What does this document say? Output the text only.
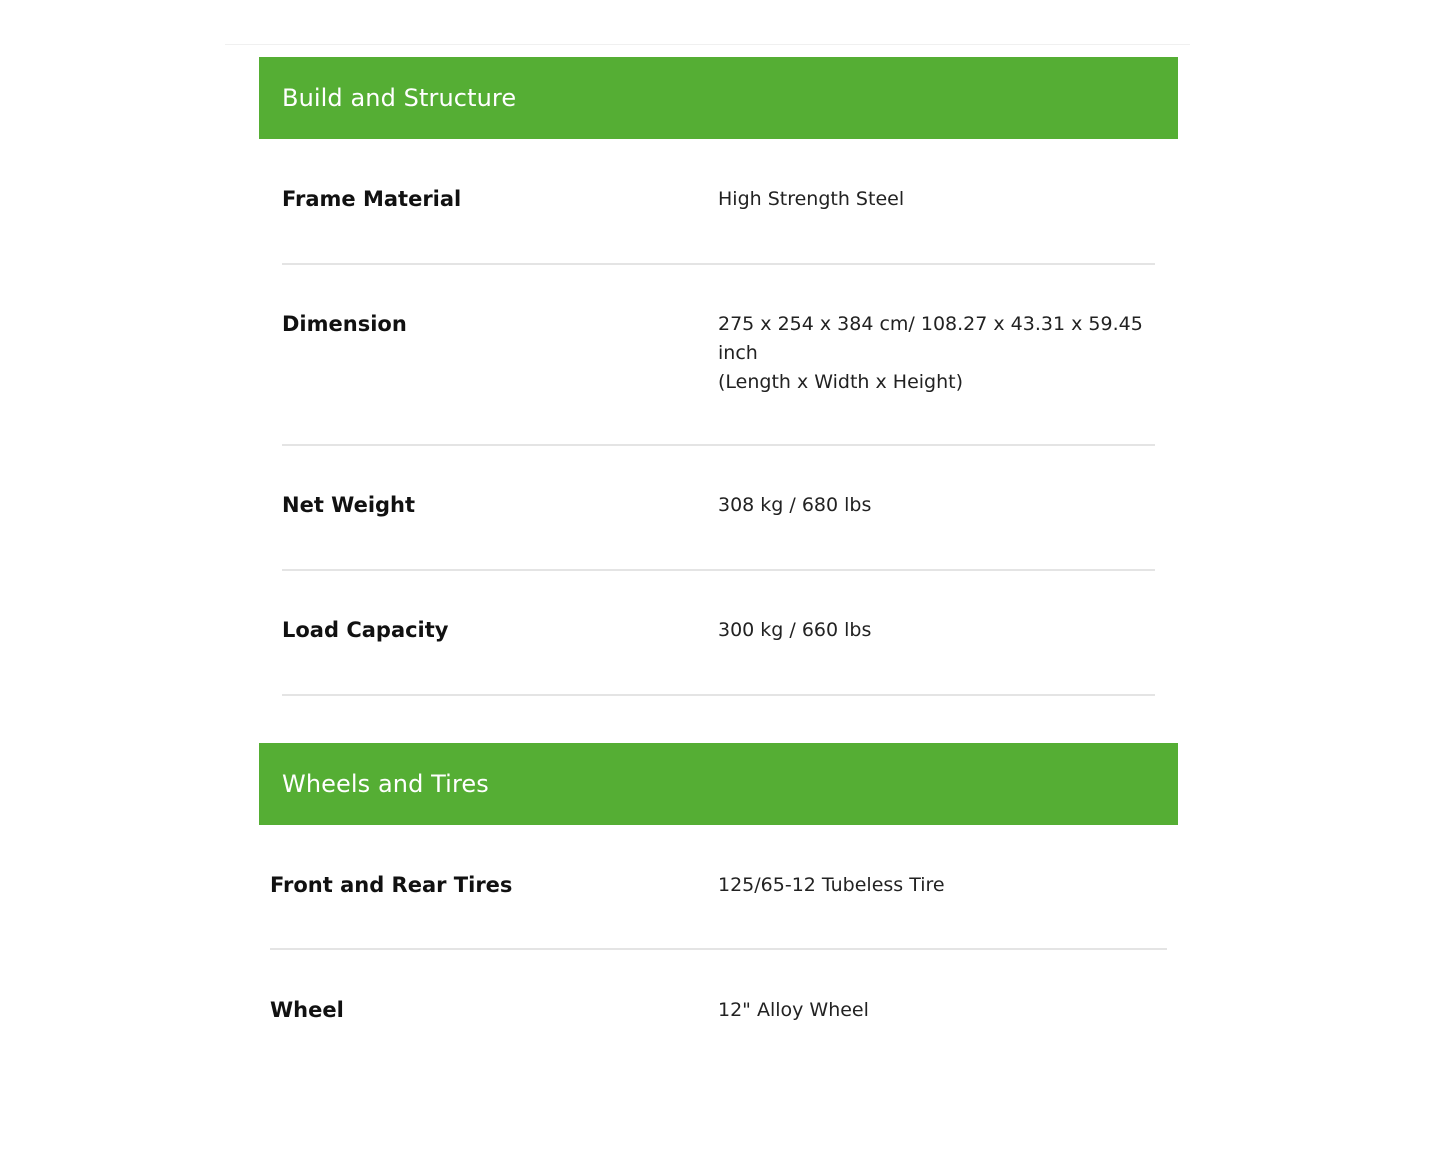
Build and Structure
Frame Material	High Strength Steel
Dimension	275 x 254 x 384 cm/ 108.27 x 43.31 x 59.45
inch
(Length x Width x Height)
Net Weight	308 kg / 680 lbs
Load Capacity	300 kg / 660 lbs
Wheels and Tires
Front and Rear Tires	125/65-12 Tubeless Tire
Wheel	12" Alloy Wheel
